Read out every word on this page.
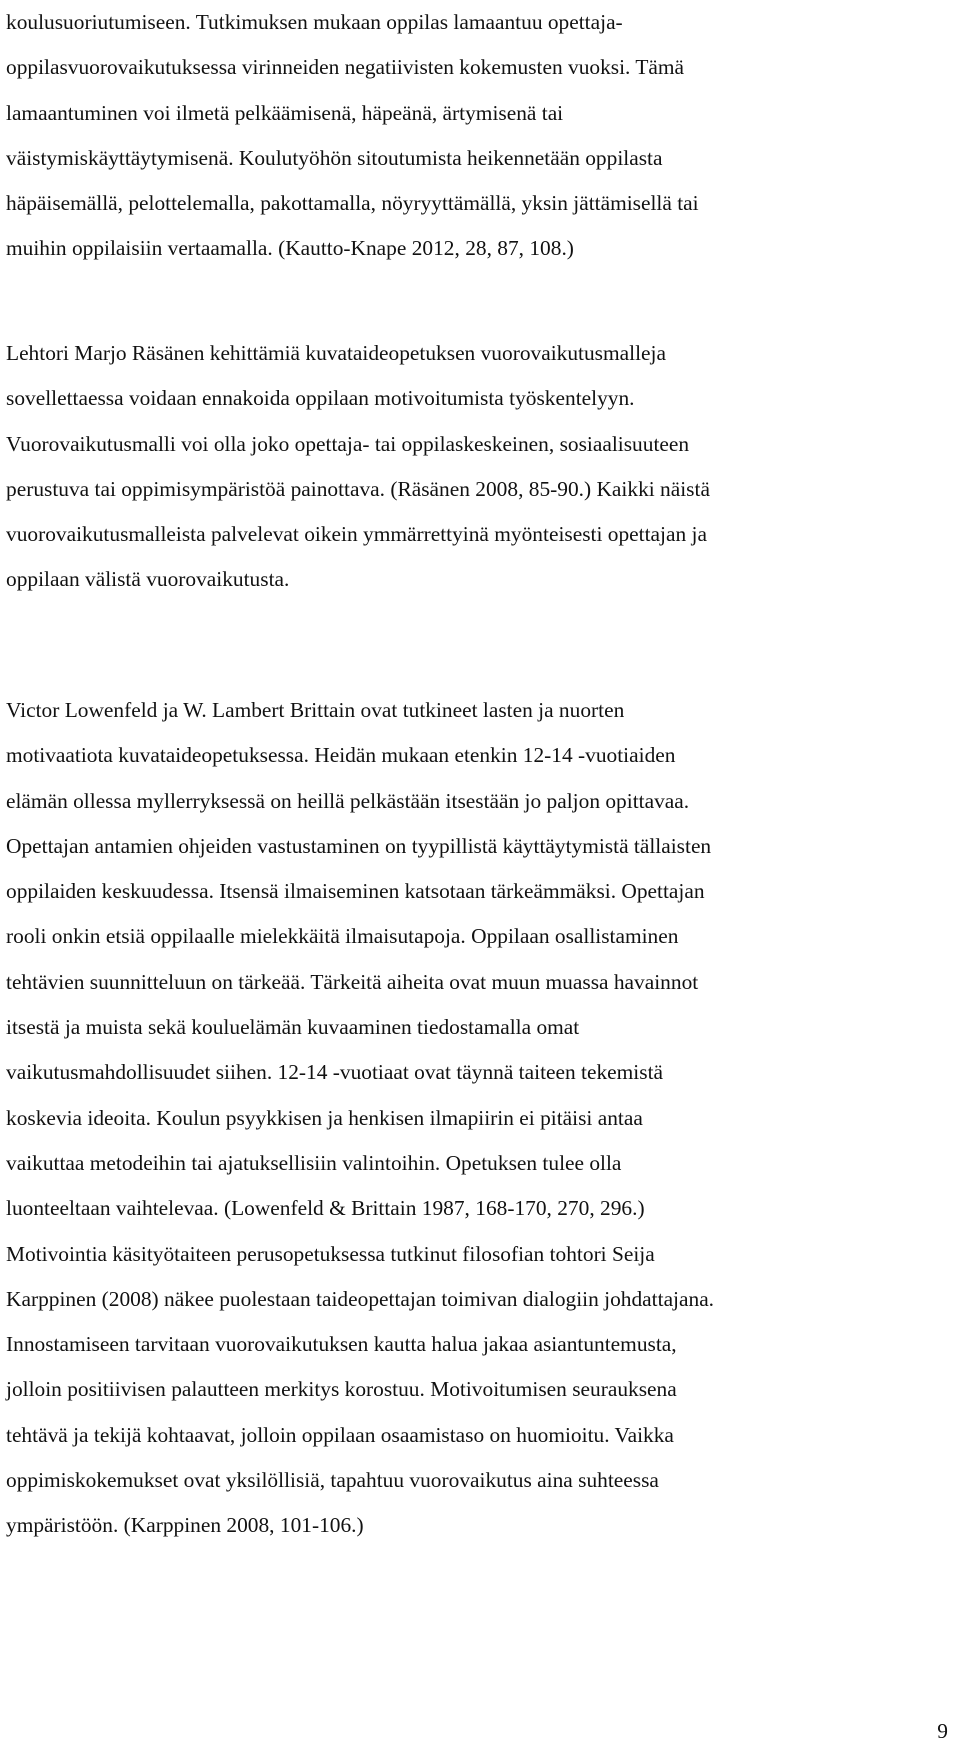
koulusuoriutumiseen. Tutkimuksen mukaan oppilas lamaantuu opettaja-
oppilasvuorovaikutuksessa virinneiden negatiivisten kokemusten vuoksi. Tämä
lamaantuminen voi ilmetä pelkäämisenä, häpeänä, ärtymisenä tai
väistymiskäyttäytymisenä. Koulutyöhön sitoutumista heikennetään oppilasta
häpäisemällä, pelottelemalla, pakottamalla, nöyryyttämällä, yksin jättämisellä tai
muihin oppilaisiin vertaamalla. (Kautto-Knape 2012, 28, 87, 108.)
Lehtori Marjo Räsänen kehittämiä kuvataideopetuksen vuorovaikutusmalleja
sovellettaessa voidaan ennakoida oppilaan motivoitumista työskentelyyn.
Vuorovaikutusmalli voi olla joko opettaja- tai oppilaskeskeinen, sosiaalisuuteen
perustuva tai oppimisympäristöä painottava. (Räsänen 2008, 85-90.) Kaikki näistä
vuorovaikutusmalleista palvelevat oikein ymmärrettyinä myönteisesti opettajan ja
oppilaan välistä vuorovaikutusta.
Victor Lowenfeld ja W. Lambert Brittain ovat tutkineet lasten ja nuorten
motivaatiota kuvataideopetuksessa. Heidän mukaan etenkin 12-14 -vuotiaiden
elämän ollessa myllerryksessä on heillä pelkästään itsestään jo paljon opittavaa.
Opettajan antamien ohjeiden vastustaminen on tyypillistä käyttäytymistä tällaisten
oppilaiden keskuudessa. Itsensä ilmaiseminen katsotaan tärkeämmäksi. Opettajan
rooli onkin etsiä oppilaalle mielekkäitä ilmaisutapoja. Oppilaan osallistaminen
tehtävien suunnitteluun on tärkeää. Tärkeitä aiheita ovat muun muassa havainnot
itsestä ja muista sekä kouluelämän kuvaaminen tiedostamalla omat
vaikutusmahdollisuudet siihen. 12-14 -vuotiaat ovat täynnä taiteen tekemistä
koskevia ideoita. Koulun psyykkisen ja henkisen ilmapiirin ei pitäisi antaa
vaikuttaa metodeihin tai ajatuksellisiin valintoihin. Opetuksen tulee olla
luonteeltaan vaihtelevaa. (Lowenfeld & Brittain 1987, 168-170, 270, 296.)
Motivointia käsityötaiteen perusopetuksessa tutkinut filosofian tohtori Seija
Karppinen (2008) näkee puolestaan taideopettajan toimivan dialogiin johdattajana.
Innostamiseen tarvitaan vuorovaikutuksen kautta halua jakaa asiantuntemusta,
jolloin positiivisen palautteen merkitys korostuu. Motivoitumisen seurauksena
tehtävä ja tekijä kohtaavat, jolloin oppilaan osaamistaso on huomioitu. Vaikka
oppimiskokemukset ovat yksilöllisiä, tapahtuu vuorovaikutus aina suhteessa
ympäristöön. (Karppinen 2008, 101-106.)
9
